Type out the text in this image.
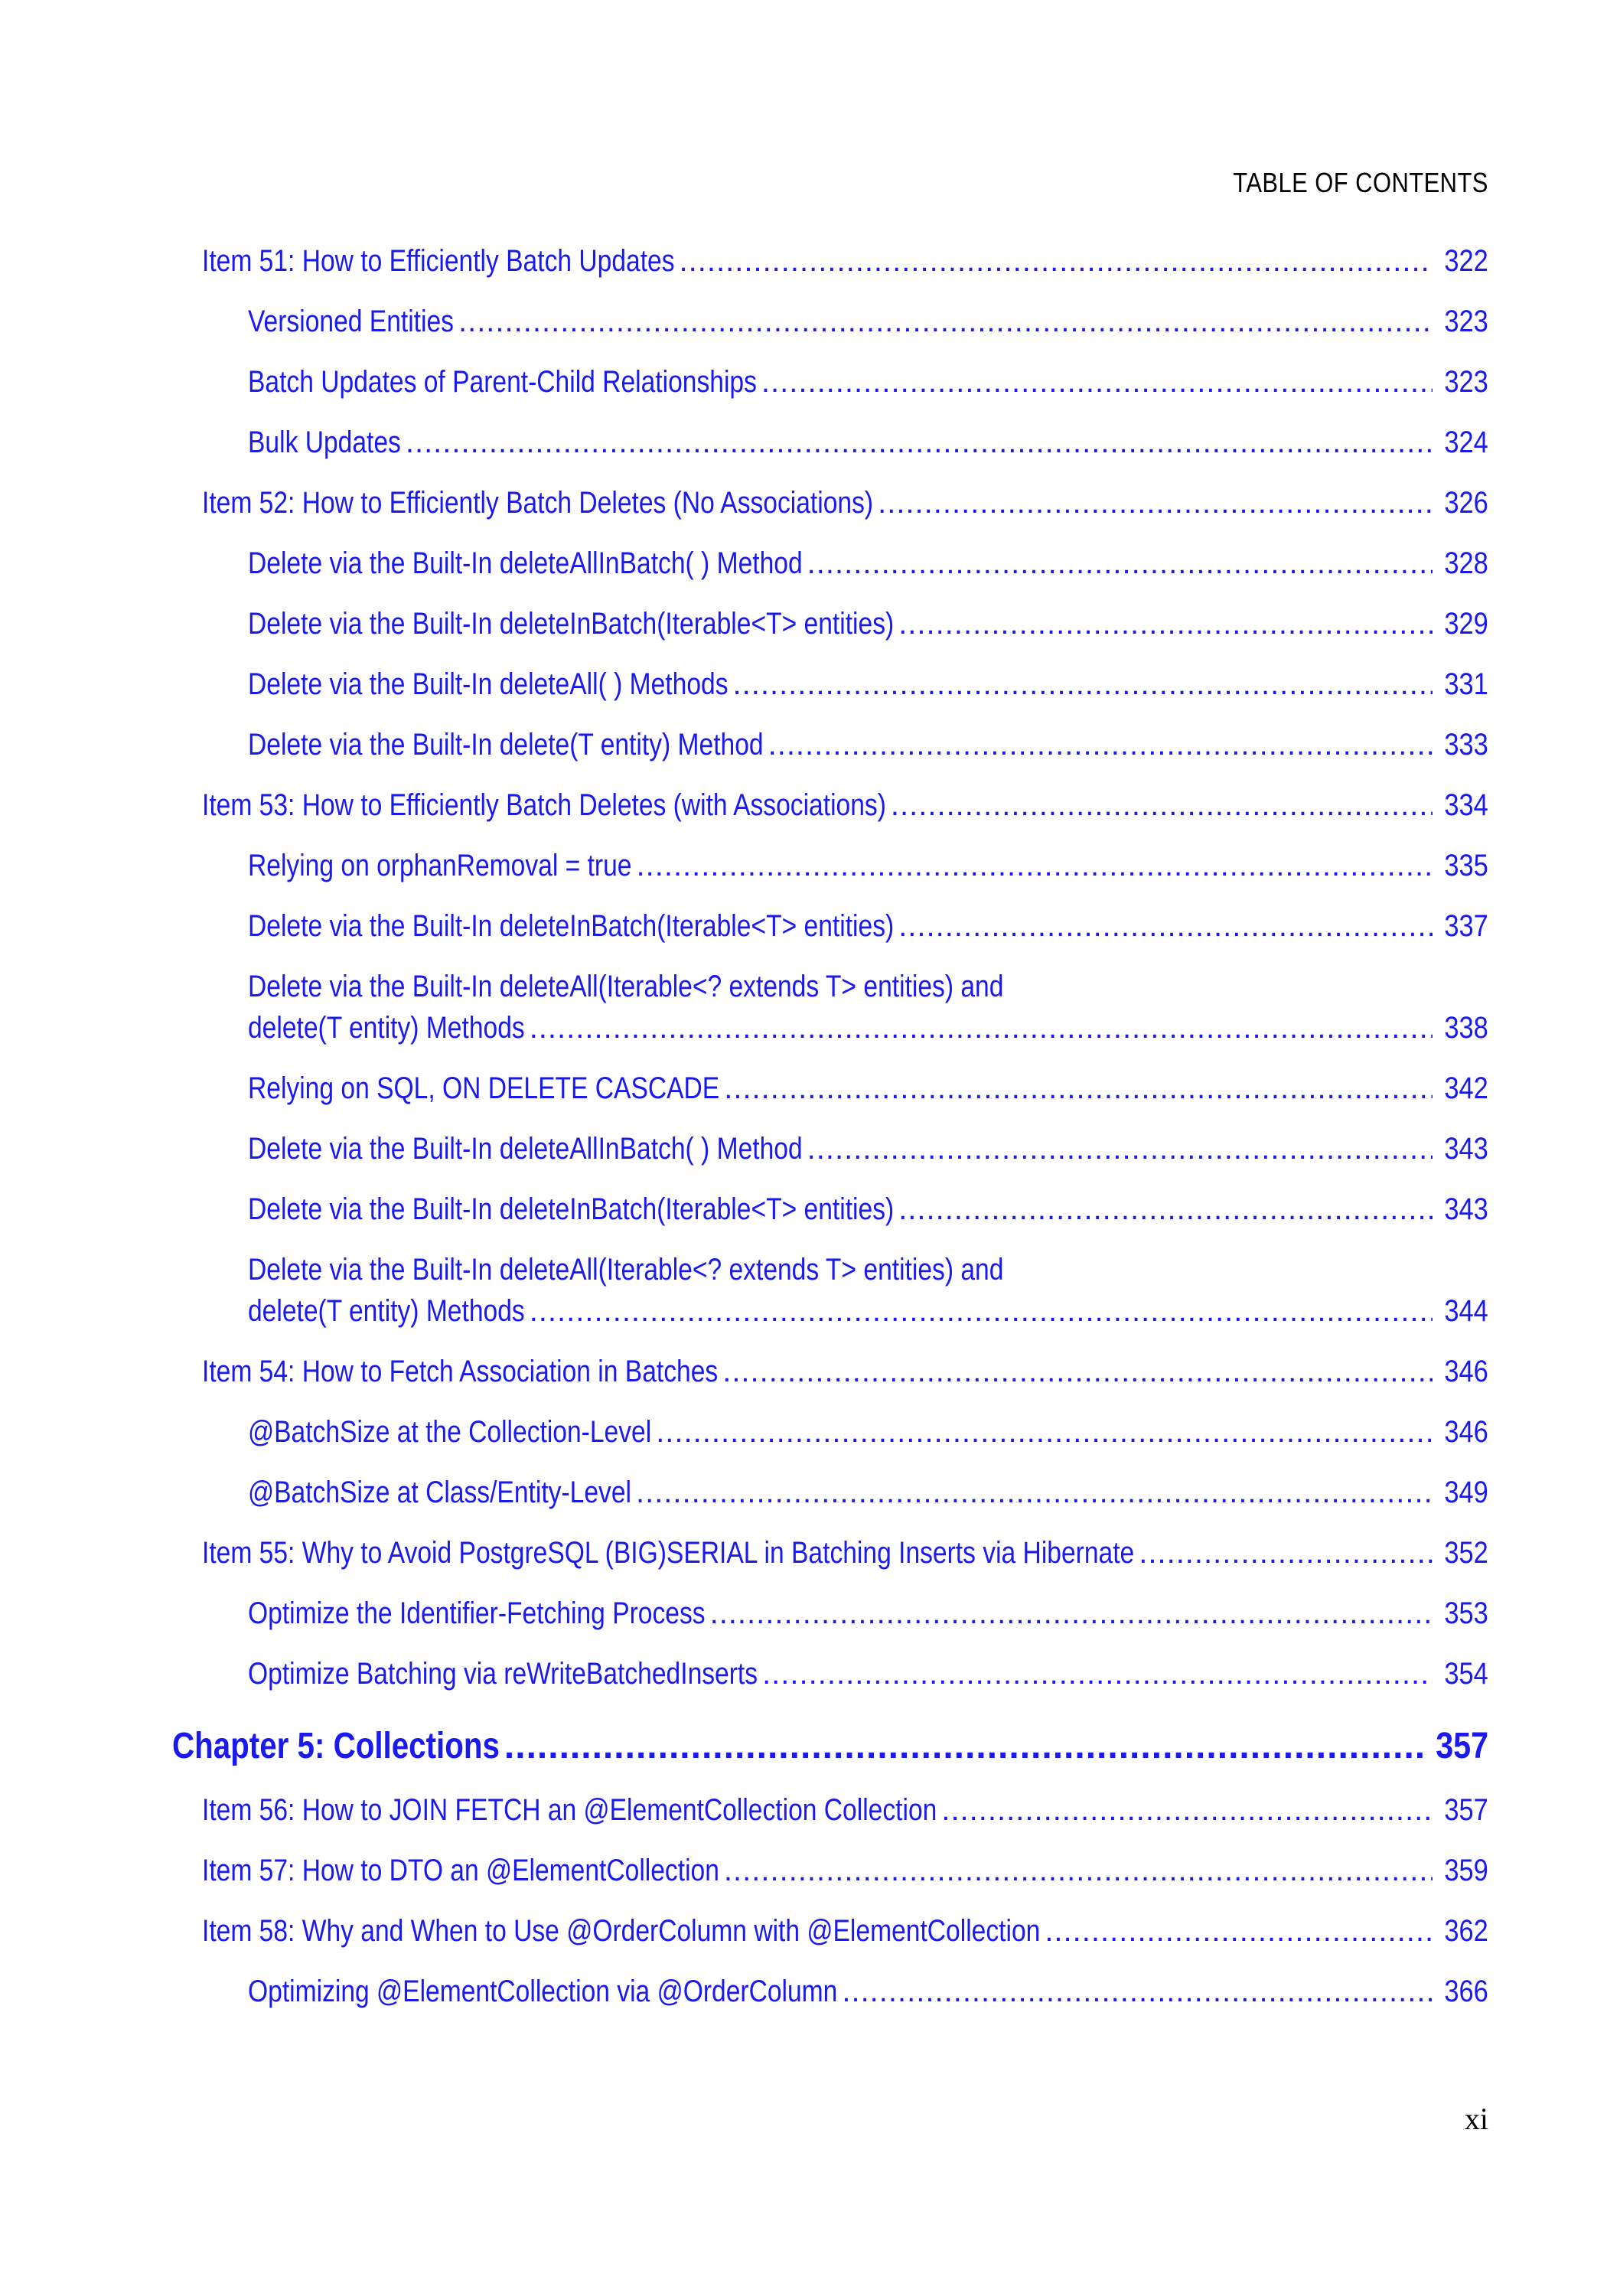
TABLE OF CONTENTS
Item 51: How to Efficiently Batch Updates .....	322
Versioned Entities .....	323
Batch Updates of Parent-Child Relationships .....	323
Bulk Updates .....	324
Item 52: How to Efficiently Batch Deletes (No Associations) .....	326
Delete via the Built-In deleteAllInBatch( ) Method .....	328
Delete via the Built-In deleteInBatch(Iterable<T> entities) .....	329
Delete via the Built-In deleteAll( ) Methods .....	331
Delete via the Built-In delete(T entity) Method .....	333
Item 53: How to Efficiently Batch Deletes (with Associations) .....	334
Relying on orphanRemoval = true .....	335
Delete via the Built-In deleteInBatch(Iterable<T> entities) .....	337
Delete via the Built-In deleteAll(Iterable<? extends T> entities) and
delete(T entity) Methods .....	338
Relying on SQL, ON DELETE CASCADE .....	342
Delete via the Built-In deleteAllInBatch( ) Method .....	343
Delete via the Built-In deleteInBatch(Iterable<T> entities) .....	343
Delete via the Built-In deleteAll(Iterable<? extends T> entities) and
delete(T entity) Methods .....	344
Item 54: How to Fetch Association in Batches .....	346
@BatchSize at the Collection-Level .....	346
@BatchSize at Class/Entity-Level .....	349
Item 55: Why to Avoid PostgreSQL (BIG)SERIAL in Batching Inserts via Hibernate .....	352
Optimize the Identifier-Fetching Process .....	353
Optimize Batching via reWriteBatchedInserts .....	354
Chapter 5: Collections .....	357
Item 56: How to JOIN FETCH an @ElementCollection Collection .....	357
Item 57: How to DTO an @ElementCollection .....	359
Item 58: Why and When to Use @OrderColumn with @ElementCollection .....	362
Optimizing @ElementCollection via @OrderColumn .....	366
xi
